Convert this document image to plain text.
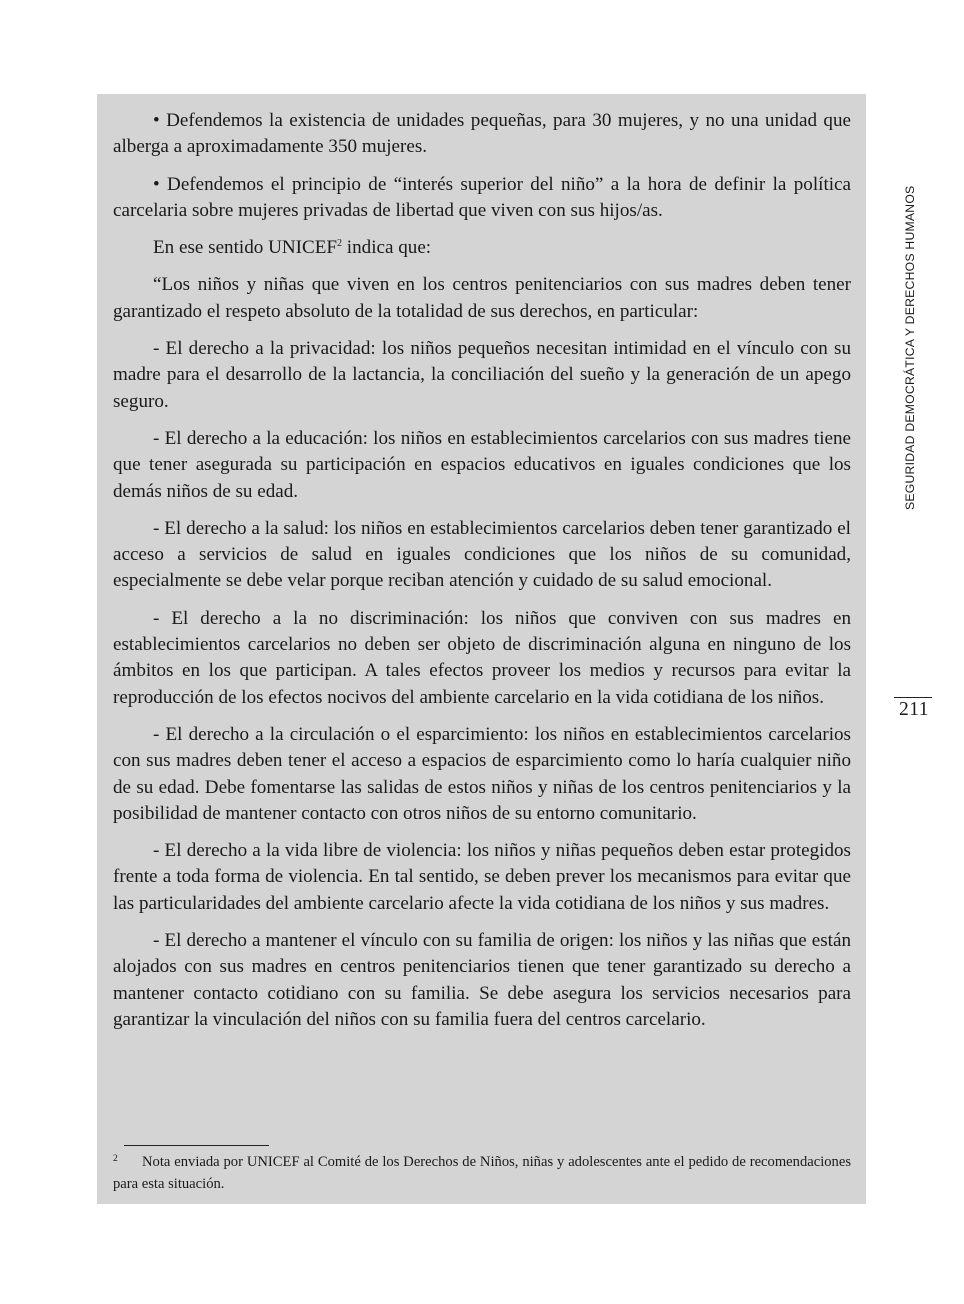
• Defendemos la existencia de unidades pequeñas, para 30 mujeres, y no una unidad que alberga a aproximadamente 350 mujeres.

• Defendemos el principio de “interés superior del niño” a la hora de definir la política carcelaria sobre mujeres privadas de libertad que viven con sus hijos/as.

En ese sentido UNICEF$^2$ indica que:

“Los niños y niñas que viven en los centros penitenciarios con sus madres deben tener garantizado el respeto absoluto de la totalidad de sus derechos, en particular:

- El derecho a la privacidad: los niños pequeños necesitan intimidad en el vínculo con su madre para el desarrollo de la lactancia, la conciliación del sueño y la generación de un apego seguro.

- El derecho a la educación: los niños en establecimientos carcelarios con sus madres tiene que tener asegurada su participación en espacios educativos en iguales condiciones que los demás niños de su edad.

- El derecho a la salud: los niños en establecimientos carcelarios deben tener garantizado el acceso a servicios de salud en iguales condiciones que los niños de su comunidad, especialmente se debe velar porque reciban atención y cuidado de su salud emocional.

- El derecho a la no discriminación: los niños que conviven con sus madres en establecimientos carcelarios no deben ser objeto de discriminación alguna en ninguno de los ámbitos en los que participan. A tales efectos proveer los medios y recursos para evitar la reproducción de los efectos nocivos del ambiente carcelario en la vida cotidiana de los niños.

- El derecho a la circulación o el esparcimiento: los niños en establecimientos carcelarios con sus madres deben tener el acceso a espacios de esparcimiento como lo haría cualquier niño de su edad. Debe fomentarse las salidas de estos niños y niñas de los centros penitenciarios y la posibilidad de mantener contacto con otros niños de su entorno comunitario.

- El derecho a la vida libre de violencia: los niños y niñas pequeños deben estar protegidos frente a toda forma de violencia. En tal sentido, se deben prever los mecanismos para evitar que las particularidades del ambiente carcelario afecte la vida cotidiana de los niños y sus madres.

- El derecho a mantener el vínculo con su familia de origen: los niños y las niñas que están alojados con sus madres en centros penitenciarios tienen que tener garantizado su derecho a mantener contacto cotidiano con su familia. Se debe asegura los servicios necesarios para garantizar la vinculación del niños con su familia fuera del centros carcelario.

2 Nota enviada por UNICEF al Comité de los Derechos de Niños, niñas y adolescentes ante el pedido de recomendaciones para esta situación.
SEGURIDAD DEMOCRÁTICA Y DERECHOS HUMANOS
211
